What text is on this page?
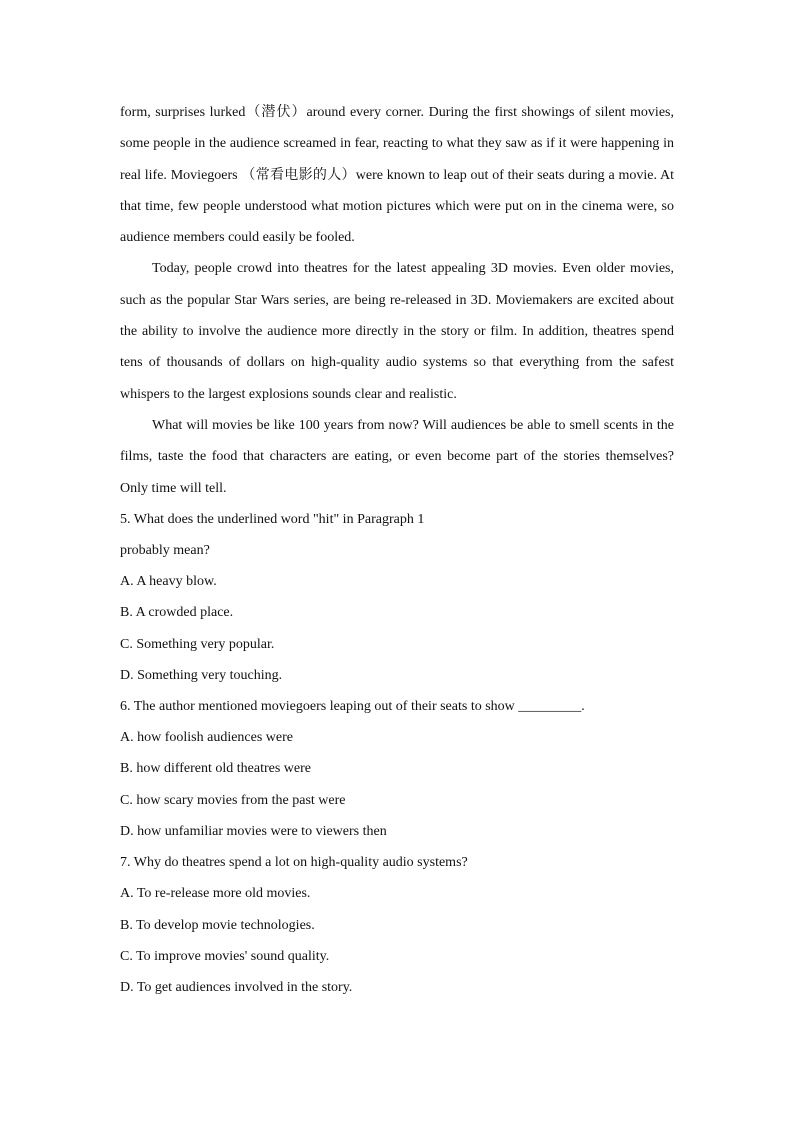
form, surprises lurked（潜伏）around every corner. During the first showings of silent movies, some people in the audience screamed in fear, reacting to what they saw as if it were happening in real life. Moviegoers （常看电影的人）were known to leap out of their seats during a movie. At that time, few people understood what motion pictures which were put on in the cinema were, so audience members could easily be fooled.

Today, people crowd into theatres for the latest appealing 3D movies. Even older movies, such as the popular Star Wars series, are being re-released in 3D. Moviemakers are excited about the ability to involve the audience more directly in the story or film. In addition, theatres spend tens of thousands of dollars on high-quality audio systems so that everything from the safest whispers to the largest explosions sounds clear and realistic.

What will movies be like 100 years from now? Will audiences be able to smell scents in the films, taste the food that characters are eating, or even become part of the stories themselves? Only time will tell.

5. What does the underlined word "hit" in Paragraph 1

probably mean?

A. A heavy blow.

B. A crowded place.

C. Something very popular.

D. Something very touching.

6. The author mentioned moviegoers leaping out of their seats to show _________.

A. how foolish audiences were

B. how different old theatres were

C. how scary movies from the past were

D. how unfamiliar movies were to viewers then

7. Why do theatres spend a lot on high-quality audio systems?

A. To re-release more old movies.

B. To develop movie technologies.

C. To improve movies' sound quality.

D. To get audiences involved in the story.
